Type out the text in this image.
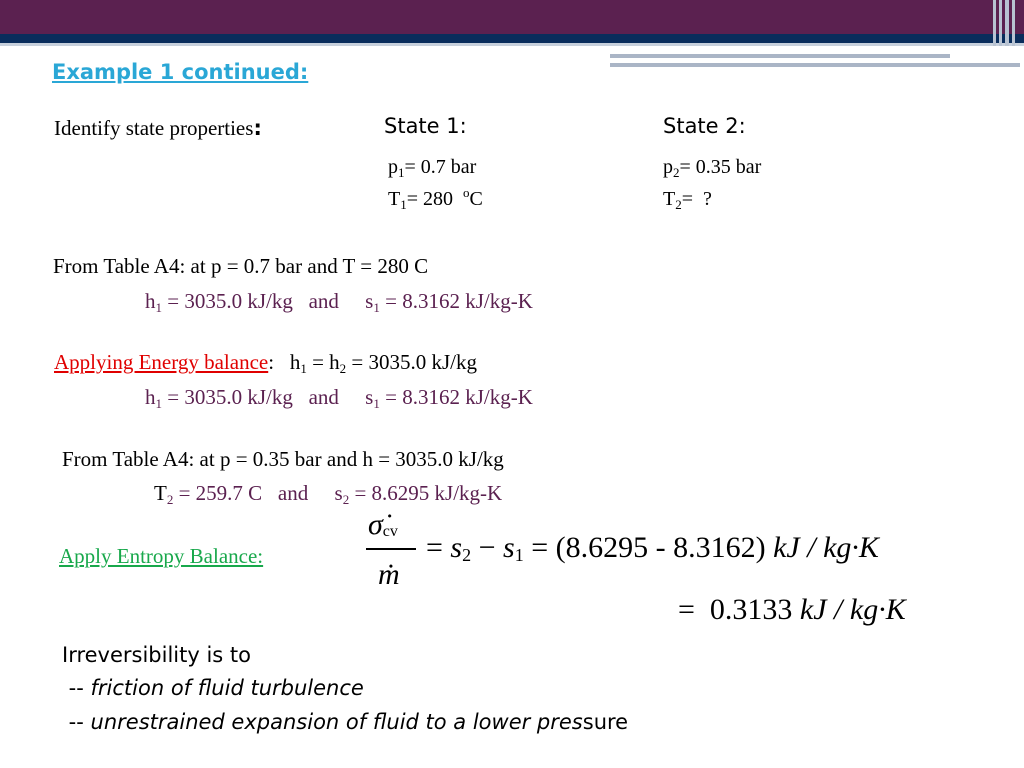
Example 1 continued:
Identify state properties:	State 1:	State 2:
$p_1= 0.7$ bar
$T_1= 280$  $^o$C
$p_2= 0.35$ bar
$T_2=$  ?
From Table A4: at p = 0.7 bar and T = 280 C
$h_1 = 3035.0$ kJ/kg   and     $s_1 = 8.3162$ kJ/kg-K
Applying Energy balance:   $h_1 = h_2 = 3035.0$ kJ/kg
$h_1 = 3035.0$ kJ/kg   and     $s_1 = 8.3162$ kJ/kg-K
From Table A4: at p = 0.35 bar and h = 3035.0 kJ/kg
$T_2 = 259.7$ C   and     $s_2 = 8.6295$ kJ/kg-K
Apply Entropy Balance:
$\sigmȧ_{cv}$
ṁ
= $s_2 - s_1 = (8.6295 - 8.3162)$ kJ / kg·K
=  0.3133 kJ / kg·K
Irreversibility is to
-- friction of fluid turbulence
-- unrestrained expansion of fluid to a lower pressure
